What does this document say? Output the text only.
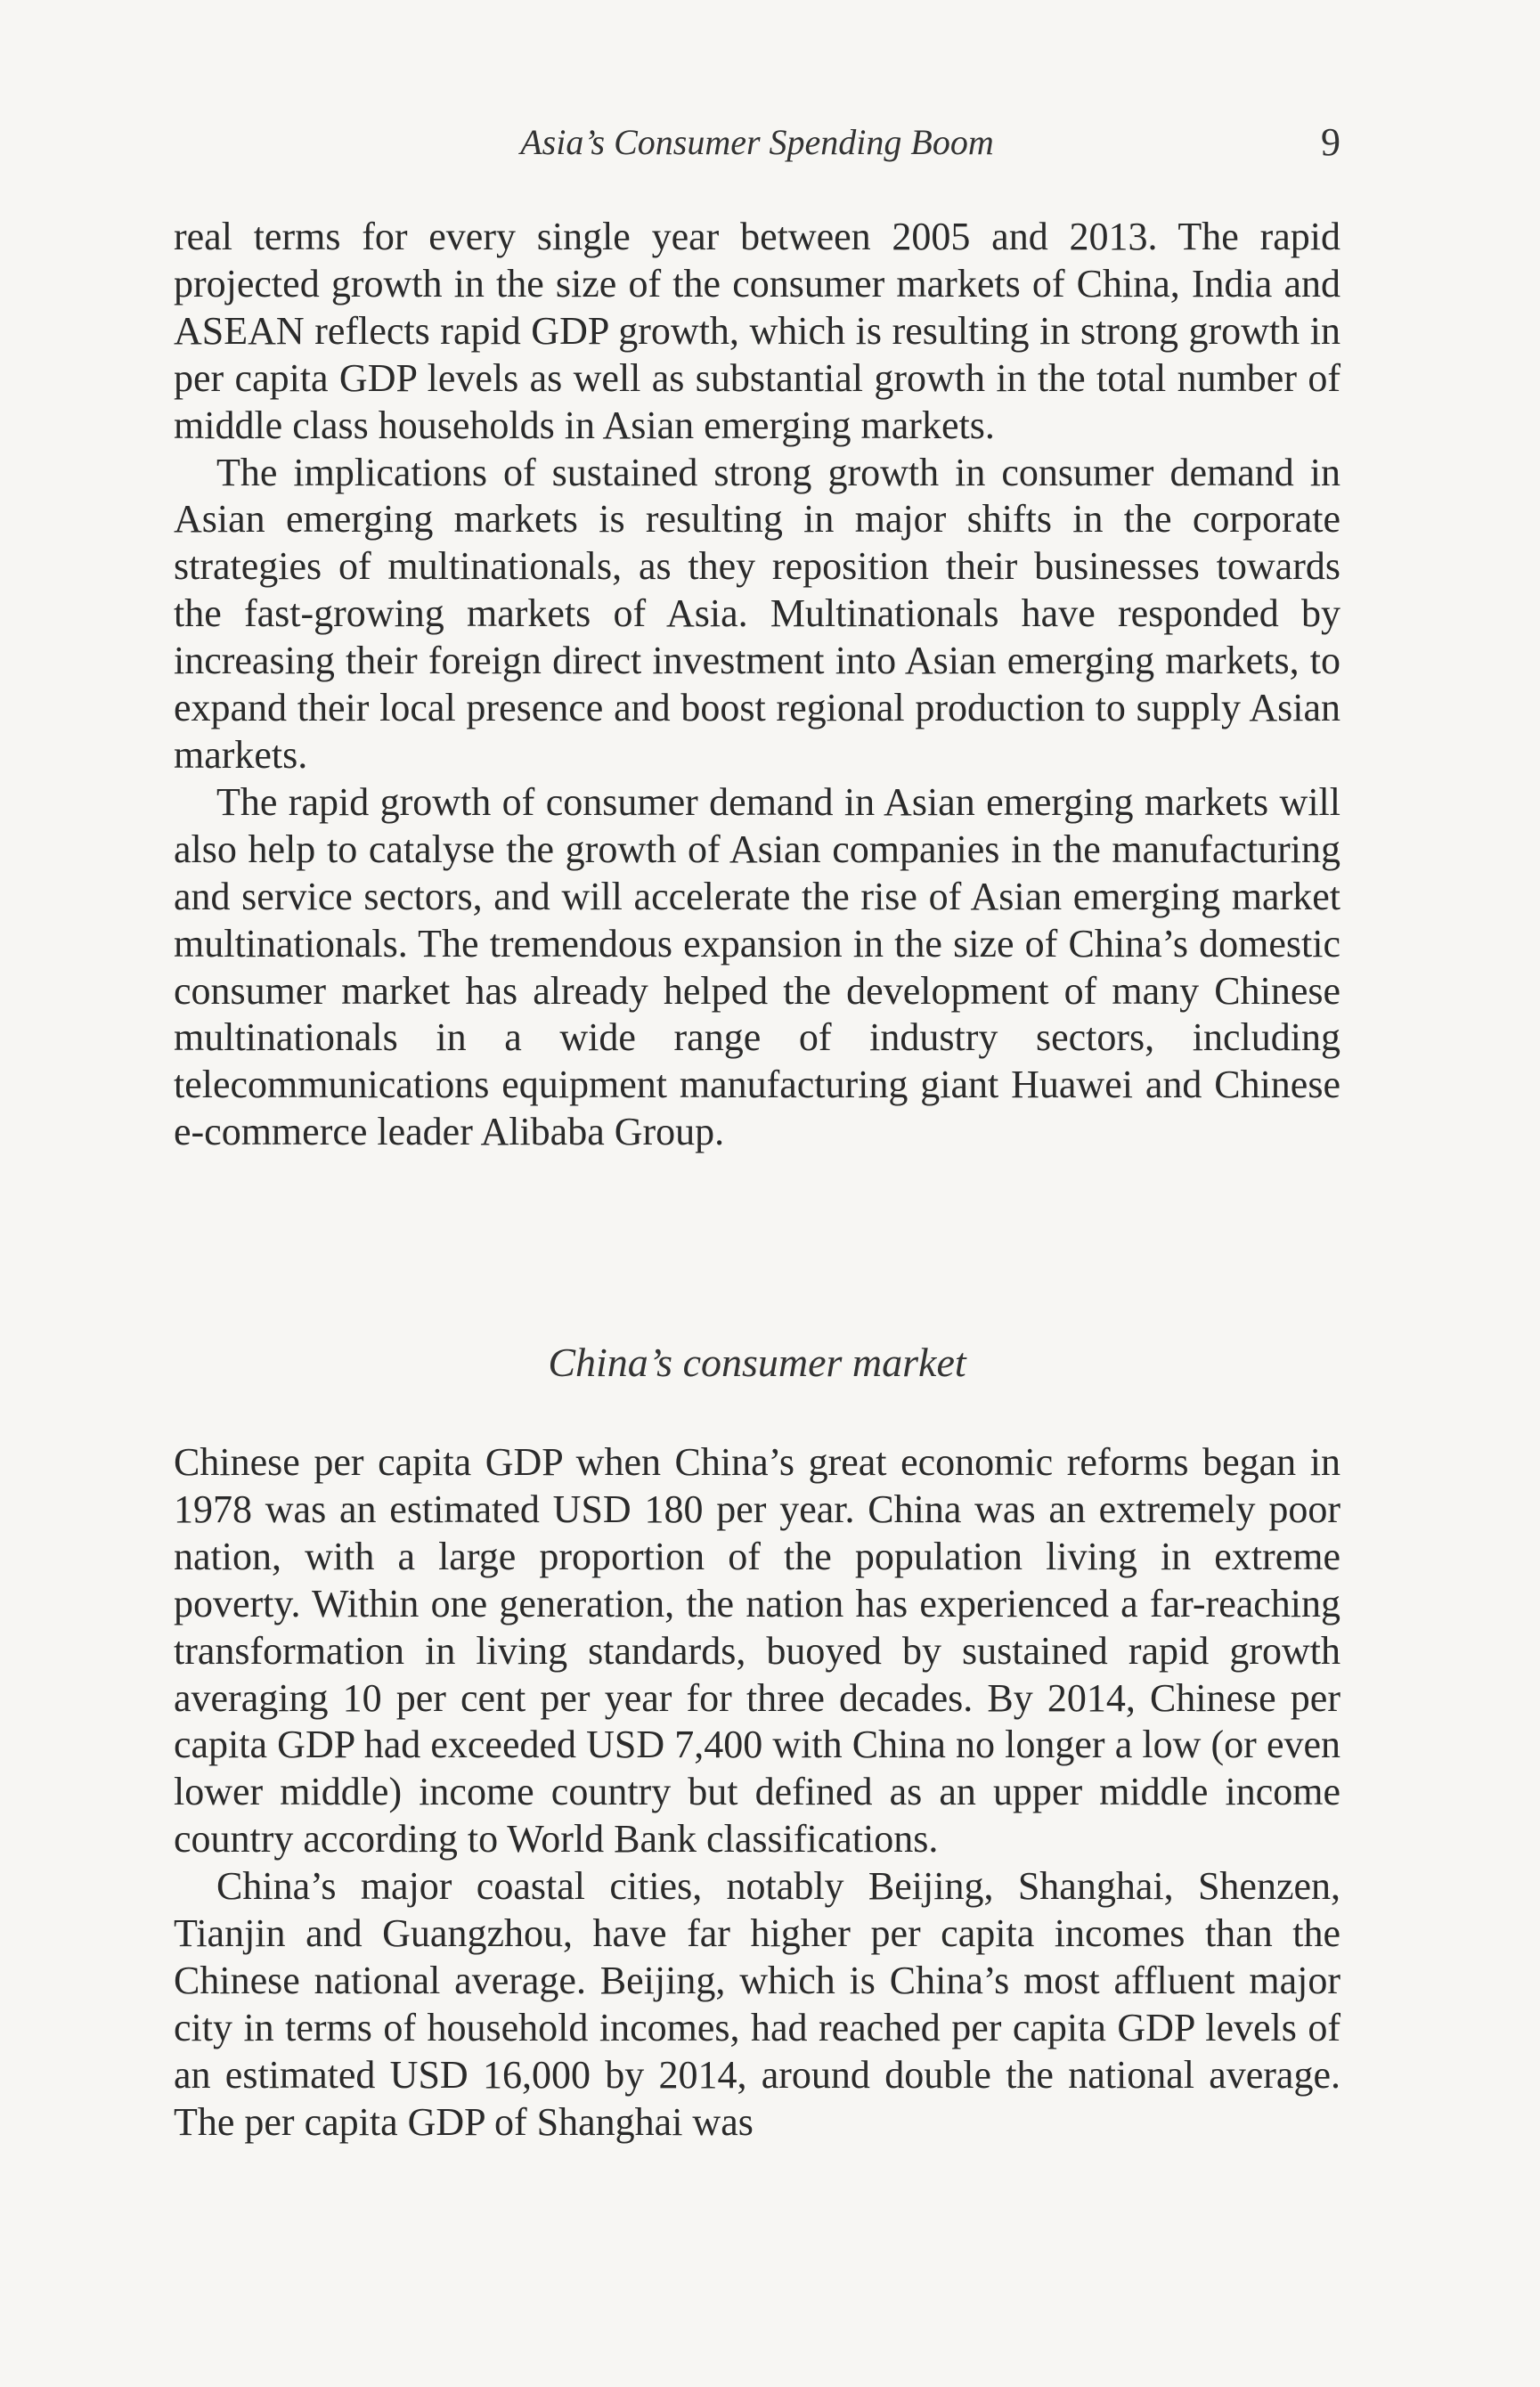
Asia’s Consumer Spending Boom	9

real terms for every single year between 2005 and 2013. The rapid projected growth in the size of the consumer markets of China, India and ASEAN reflects rapid GDP growth, which is resulting in strong growth in per capita GDP levels as well as substantial growth in the total number of middle class households in Asian emerging markets.

The implications of sustained strong growth in consumer demand in Asian emerging markets is resulting in major shifts in the corporate strategies of multinationals, as they reposition their businesses towards the fast-growing markets of Asia. Multinationals have responded by increasing their foreign direct investment into Asian emerging markets, to expand their local presence and boost regional production to supply Asian markets.

The rapid growth of consumer demand in Asian emerging markets will also help to catalyse the growth of Asian companies in the manufacturing and service sectors, and will accelerate the rise of Asian emerging market multinationals. The tremendous expansion in the size of China’s domestic consumer market has already helped the development of many Chinese multinationals in a wide range of industry sectors, including telecommunications equipment manufacturing giant Huawei and Chinese e-commerce leader Alibaba Group.

China’s consumer market

Chinese per capita GDP when China’s great economic reforms began in 1978 was an estimated USD 180 per year. China was an extremely poor nation, with a large proportion of the population living in extreme poverty. Within one generation, the nation has experienced a far-reaching transformation in living standards, buoyed by sustained rapid growth averaging 10 per cent per year for three decades. By 2014, Chinese per capita GDP had exceeded USD 7,400 with China no longer a low (or even lower middle) income country but defined as an upper middle income country according to World Bank classifications.

China’s major coastal cities, notably Beijing, Shanghai, Shenzen, Tianjin and Guangzhou, have far higher per capita incomes than the Chinese national average. Beijing, which is China’s most affluent major city in terms of household incomes, had reached per capita GDP levels of an estimated USD 16,000 by 2014, around double the national average. The per capita GDP of Shanghai was
